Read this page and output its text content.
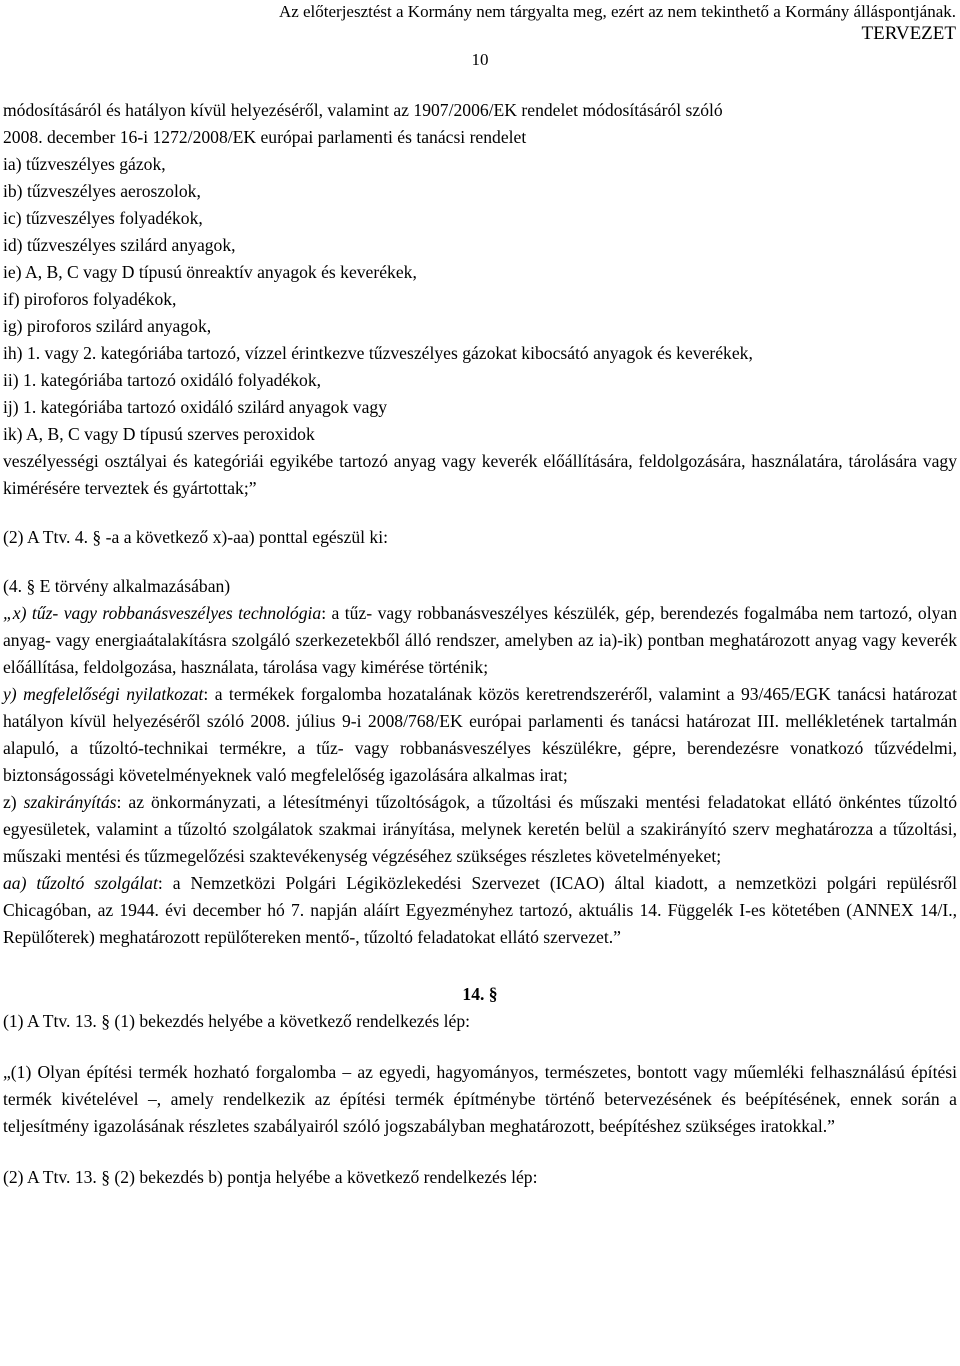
Az előterjesztést a Kormány nem tárgyalta meg, ezért az nem tekinthető a Kormány álláspontjának.
TERVEZET
10

módosításáról és hatályon kívül helyezéséről, valamint az 1907/2006/EK rendelet módosításáról szóló

2008. december 16-i 1272/2008/EK európai parlamenti és tanácsi rendelet

ia) tűzveszélyes gázok,

ib) tűzveszélyes aeroszolok,

ic) tűzveszélyes folyadékok,

id) tűzveszélyes szilárd anyagok,

ie) A, B, C vagy D típusú önreaktív anyagok és keverékek,

if) piroforos folyadékok,

ig) piroforos szilárd anyagok,

ih) 1. vagy 2. kategóriába tartozó, vízzel érintkezve tűzveszélyes gázokat kibocsátó anyagok és keverékek,

ii) 1. kategóriába tartozó oxidáló folyadékok,

ij) 1. kategóriába tartozó oxidáló szilárd anyagok vagy

ik) A, B, C vagy D típusú szerves peroxidok

veszélyességi osztályai és kategóriái egyikébe tartozó anyag vagy keverék előállítására, feldolgozására, használatára, tárolására vagy kimérésére terveztek és gyártottak;”

(2) A Ttv. 4. § -a a következő x)-aa) ponttal egészül ki:

(4. § E törvény alkalmazásában)

„x) tűz- vagy robbanásveszélyes technológia: a tűz- vagy robbanásveszélyes készülék, gép, berendezés fogalmába nem tartozó, olyan anyag- vagy energiaátalakításra szolgáló szerkezetekből álló rendszer, amelyben az ia)-ik) pontban meghatározott anyag vagy keverék előállítása, feldolgozása, használata, tárolása vagy kimérése történik;

y) megfelelőségi nyilatkozat: a termékek forgalomba hozatalának közös keretrendszeréről, valamint a 93/465/EGK tanácsi határozat hatályon kívül helyezéséről szóló 2008. július 9-i 2008/768/EK európai parlamenti és tanácsi határozat III. mellékletének tartalmán alapuló, a tűzoltó-technikai termékre, a tűz- vagy robbanásveszélyes készülékre, gépre, berendezésre vonatkozó tűzvédelmi, biztonságossági követelményeknek való megfelelőség igazolására alkalmas irat;

z) szakirányítás: az önkormányzati, a létesítményi tűzoltóságok, a tűzoltási és műszaki mentési feladatokat ellátó önkéntes tűzoltó egyesületek, valamint a tűzoltó szolgálatok szakmai irányítása, melynek keretén belül a szakirányító szerv meghatározza a tűzoltási, műszaki mentési és tűzmegelőzési szaktevékenység végzéséhez szükséges részletes követelményeket;

aa) tűzoltó szolgálat: a Nemzetközi Polgári Légiközlekedési Szervezet (ICAO) által kiadott, a nemzetközi polgári repülésről Chicagóban, az 1944. évi december hó 7. napján aláírt Egyezményhez tartozó, aktuális 14. Függelék I-es kötetében (ANNEX 14/I., Repülőterek) meghatározott repülőtereken mentő-, tűzoltó feladatokat ellátó szervezet.”

14. §

(1) A Ttv. 13. § (1) bekezdés helyébe a következő rendelkezés lép:

„(1) Olyan építési termék hozható forgalomba – az egyedi, hagyományos, természetes, bontott vagy műemléki felhasználású építési termék kivételével –, amely rendelkezik az építési termék építménybe történő betervezésének és beépítésének, ennek során a teljesítmény igazolásának részletes szabályairól szóló jogszabályban meghatározott, beépítéshez szükséges iratokkal.”

(2) A Ttv. 13. § (2) bekezdés b) pontja helyébe a következő rendelkezés lép:
